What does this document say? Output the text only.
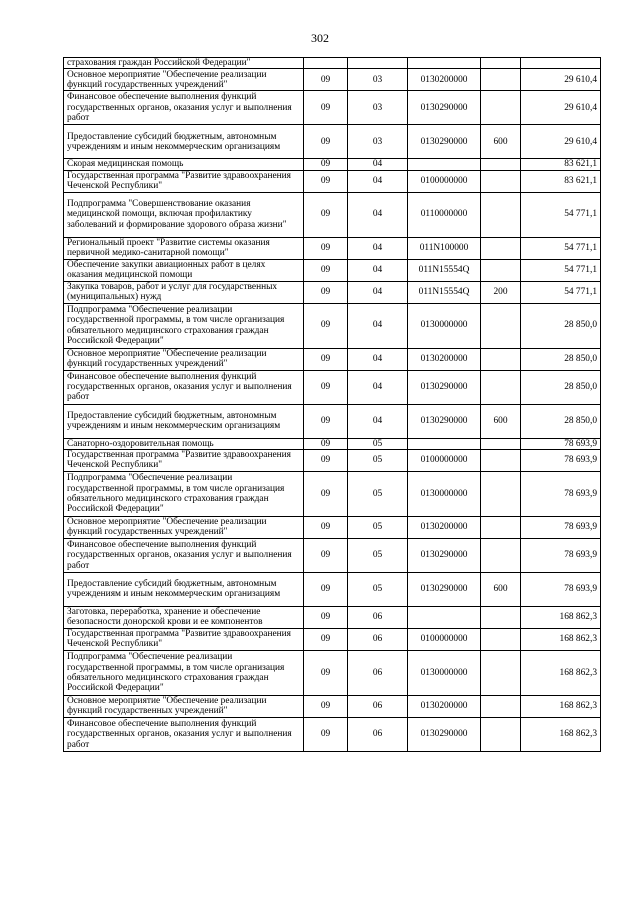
302
страхования граждан Российской Федерации"					
Основное мероприятие "Обеспечение реализации функций государственных учреждений"	09	03	0130200000		29 610,4
Финансовое обеспечение выполнения функций государственных органов, оказания услуг и выполнения работ	09	03	0130290000		29 610,4
Предоставление субсидий бюджетным, автономным учреждениям и иным некоммерческим организациям	09	03	0130290000	600	29 610,4
Скорая медицинская помощь	09	04			83 621,1
Государственная программа "Развитие здравоохранения Чеченской Республики"	09	04	0100000000		83 621,1
Подпрограмма "Совершенствование оказания медицинской помощи, включая профилактику заболеваний и формирование здорового образа жизни"	09	04	0110000000		54 771,1
Региональный проект "Развитие системы оказания первичной медико-санитарной помощи"	09	04	011N100000		54 771,1
Обеспечение закупки авиационных работ в целях оказания медицинской помощи	09	04	011N15554Q		54 771,1
Закупка товаров, работ и услуг для государственных (муниципальных) нужд	09	04	011N15554Q	200	54 771,1
Подпрограмма "Обеспечение реализации государственной программы, в том числе организация обязательного медицинского страхования граждан Российской Федерации"	09	04	0130000000		28 850,0
Основное мероприятие "Обеспечение реализации функций государственных учреждений"	09	04	0130200000		28 850,0
Финансовое обеспечение выполнения функций государственных органов, оказания услуг и выполнения работ	09	04	0130290000		28 850,0
Предоставление субсидий бюджетным, автономным учреждениям и иным некоммерческим организациям	09	04	0130290000	600	28 850,0
Санаторно-оздоровительная помощь	09	05			78 693,9
Государственная программа "Развитие здравоохранения Чеченской Республики"	09	05	0100000000		78 693,9
Подпрограмма "Обеспечение реализации государственной программы, в том числе организация обязательного медицинского страхования граждан Российской Федерации"	09	05	0130000000		78 693,9
Основное мероприятие "Обеспечение реализации функций государственных учреждений"	09	05	0130200000		78 693,9
Финансовое обеспечение выполнения функций государственных органов, оказания услуг и выполнения работ	09	05	0130290000		78 693,9
Предоставление субсидий бюджетным, автономным учреждениям и иным некоммерческим организациям	09	05	0130290000	600	78 693,9
Заготовка, переработка, хранение и обеспечение безопасности донорской крови и ее компонентов	09	06			168 862,3
Государственная программа "Развитие здравоохранения Чеченской Республики"	09	06	0100000000		168 862,3
Подпрограмма "Обеспечение реализации государственной программы, в том числе организация обязательного медицинского страхования граждан Российской Федерации"	09	06	0130000000		168 862,3
Основное мероприятие "Обеспечение реализации функций государственных учреждений"	09	06	0130200000		168 862,3
Финансовое обеспечение выполнения функций государственных органов, оказания услуг и выполнения работ	09	06	0130290000		168 862,3
